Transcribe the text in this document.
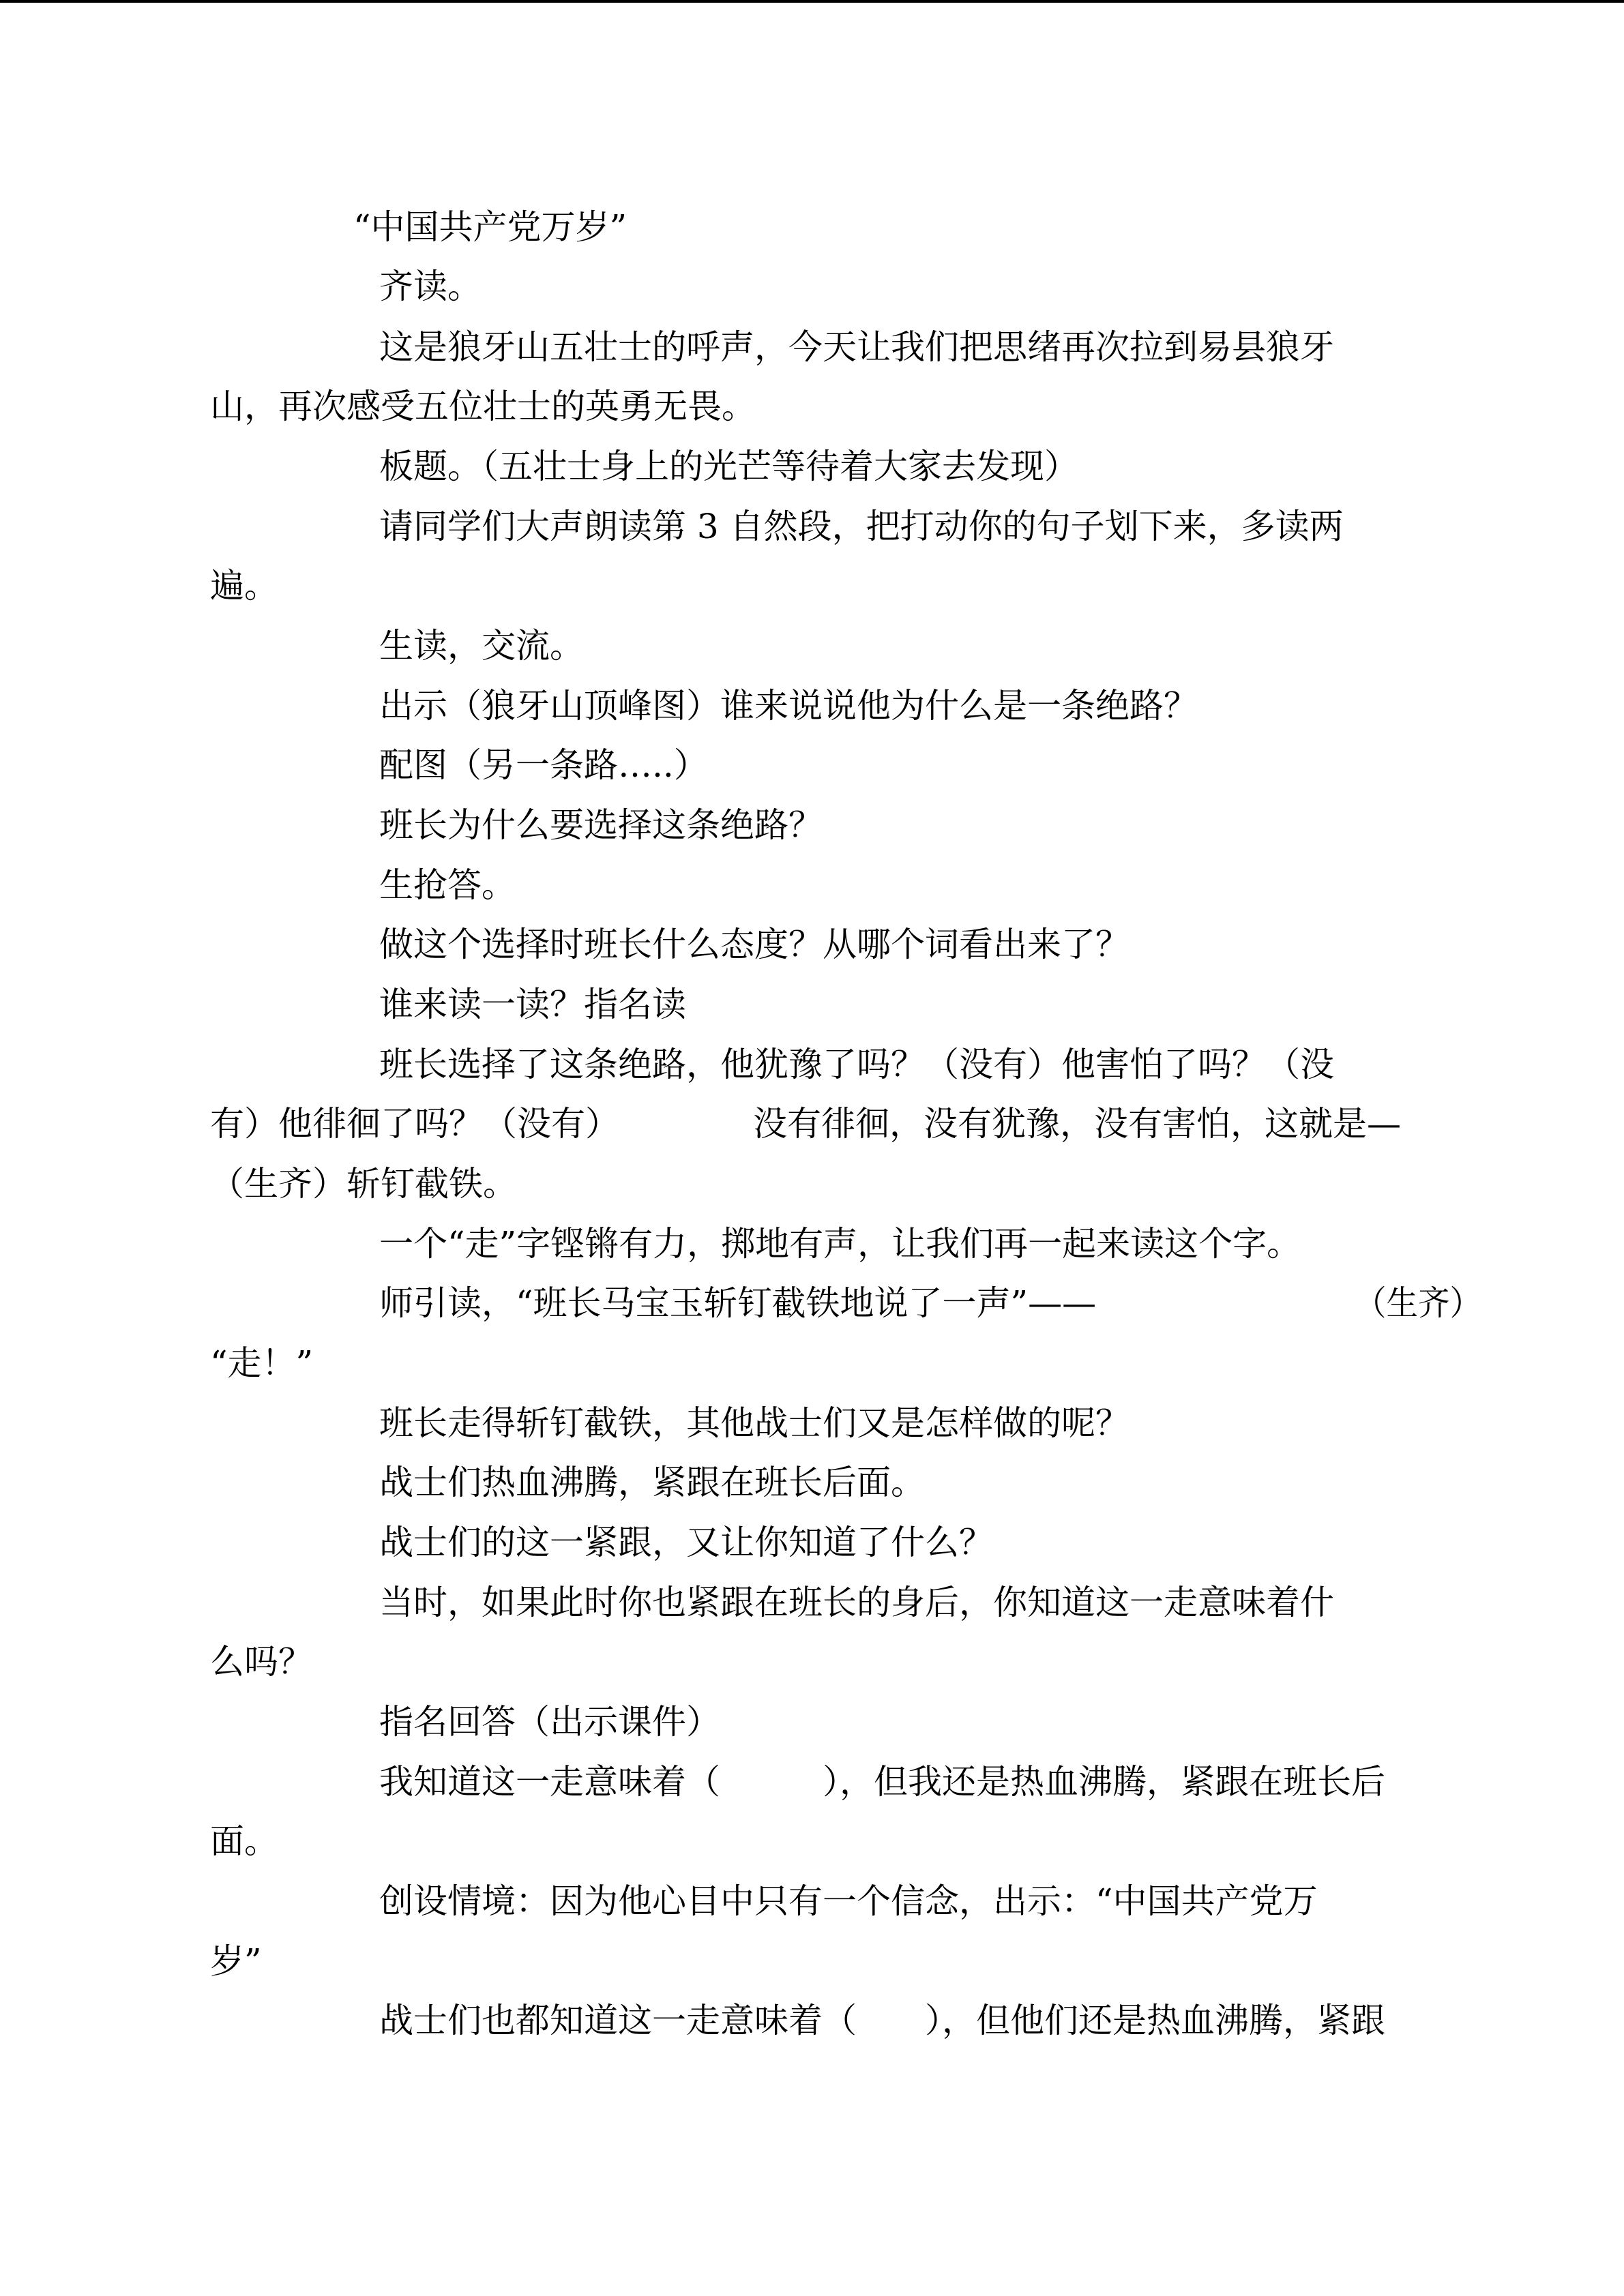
“中国共产党万岁”
齐读。
这是狼牙山五壮士的呼声，今天让我们把思绪再次拉到易县狼牙
山，再次感受五位壮士的英勇无畏。
板题。（五壮士身上的光芒等待着大家去发现）
请同学们大声朗读第 3 自然段，把打动你的句子划下来，多读两
遍。
生读，交流。
出示（狼牙山顶峰图）谁来说说他为什么是一条绝路？
配图（另一条路…..）
班长为什么要选择这条绝路？
生抢答。
做这个选择时班长什么态度？从哪个词看出来了？
谁来读一读？指名读
班长选择了这条绝路，他犹豫了吗？（没有）他害怕了吗？（没
有）他徘徊了吗？（没有）	没有徘徊，没有犹豫，没有害怕，这就是—
（生齐）斩钉截铁。
一个“走”字铿锵有力，掷地有声，让我们再一起来读这个字。
师引读，“班长马宝玉斩钉截铁地说了一声”——	（生齐）
“走！”
班长走得斩钉截铁，其他战士们又是怎样做的呢？
战士们热血沸腾，紧跟在班长后面。
战士们的这一紧跟，又让你知道了什么？
当时，如果此时你也紧跟在班长的身后，你知道这一走意味着什
么吗？
指名回答（出示课件）
我知道这一走意味着（　　　），但我还是热血沸腾，紧跟在班长后
面。
创设情境：因为他心目中只有一个信念，出示：“中国共产党万
岁”
战士们也都知道这一走意味着（　　），但他们还是热血沸腾，紧跟
